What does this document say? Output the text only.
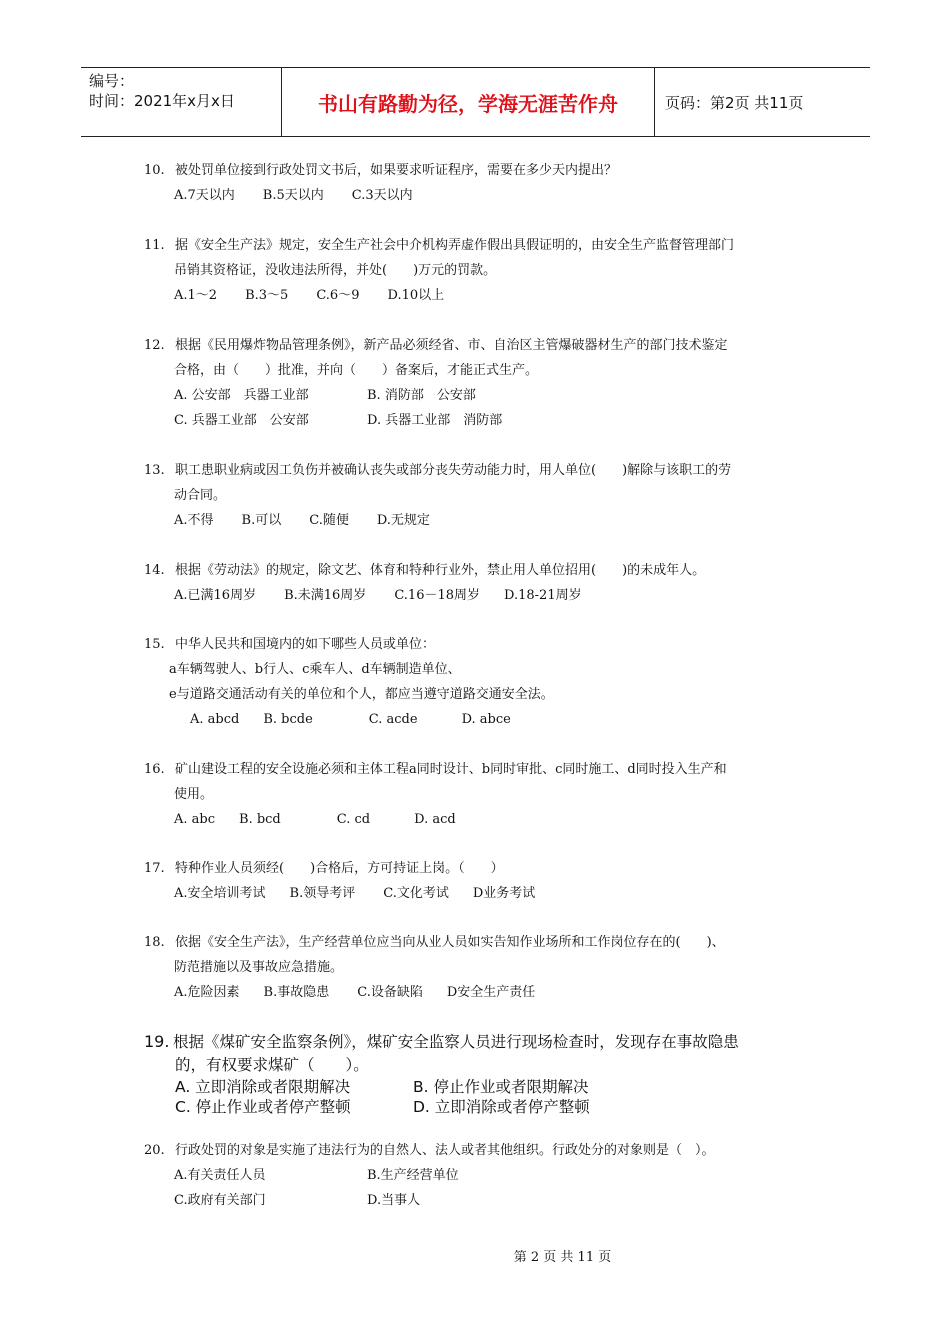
编号：
时间：2021年x月x日	书山有路勤为径，学海无涯苦作舟	页码：第2页 共11页
10. 被处罚单位接到行政处罚文书后，如果要求听证程序，需要在多少天内提出？
A.7天以内 B.5天以内 C.3天以内
11. 据《安全生产法》规定，安全生产社会中介机构弄虚作假出具假证明的，由安全生产监督管理部门
吊销其资格证，没收违法所得，并处(　　)万元的罚款。
A.1～2 B.3～5 C.6～9 D.10以上
12. 根据《民用爆炸物品管理条例》，新产品必须经省、市、自治区主管爆破器材生产的部门技术鉴定
合格，由（　　）批准，并向（　　）备案后，才能正式生产。
A. 公安部　兵器工业部	B. 消防部　公安部
C. 兵器工业部　公安部	D. 兵器工业部　消防部
13. 职工患职业病或因工负伤并被确认丧失或部分丧失劳动能力时，用人单位(　　)解除与该职工的劳
动合同。
A.不得 B.可以 C.随便 D.无规定
14. 根据《劳动法》的规定，除文艺、体育和特种行业外，禁止用人单位招用(　　)的未成年人。
A.已满16周岁 B.未满16周岁 C.16－18周岁 D.18-21周岁
15. 中华人民共和国境内的如下哪些人员或单位：
a车辆驾驶人、b行人、c乘车人、d车辆制造单位、
e与道路交通活动有关的单位和个人，都应当遵守道路交通安全法。
A. abcd B. bcde	C. acde	D. abce
16. 矿山建设工程的安全设施必须和主体工程a同时设计、b同时审批、c同时施工、d同时投入生产和
使用。
A. abc B. bcd	C. cd	D. acd
17. 特种作业人员须经(　　)合格后，方可持证上岗。（　　）
A.安全培训考试 B.领导考评 C.文化考试 D业务考试
18. 依据《安全生产法》，生产经营单位应当向从业人员如实告知作业场所和工作岗位存在的(　　)、
防范措施以及事故应急措施。
A.危险因素 B.事故隐患 C.设备缺陷 D安全生产责任
20. 行政处罚的对象是实施了违法行为的自然人、法人或者其他组织。行政处分的对象则是（　）。
A.有关责任人员	B.生产经营单位
C.政府有关部门	D.当事人
19. 根据《煤矿安全监察条例》，煤矿安全监察人员进行现场检查时，发现存在事故隐患
的，有权要求煤矿（　　）。
A. 立即消除或者限期解决	B. 停止作业或者限期解决
C. 停止作业或者停产整顿	D. 立即消除或者停产整顿
第 2 页 共 11 页
